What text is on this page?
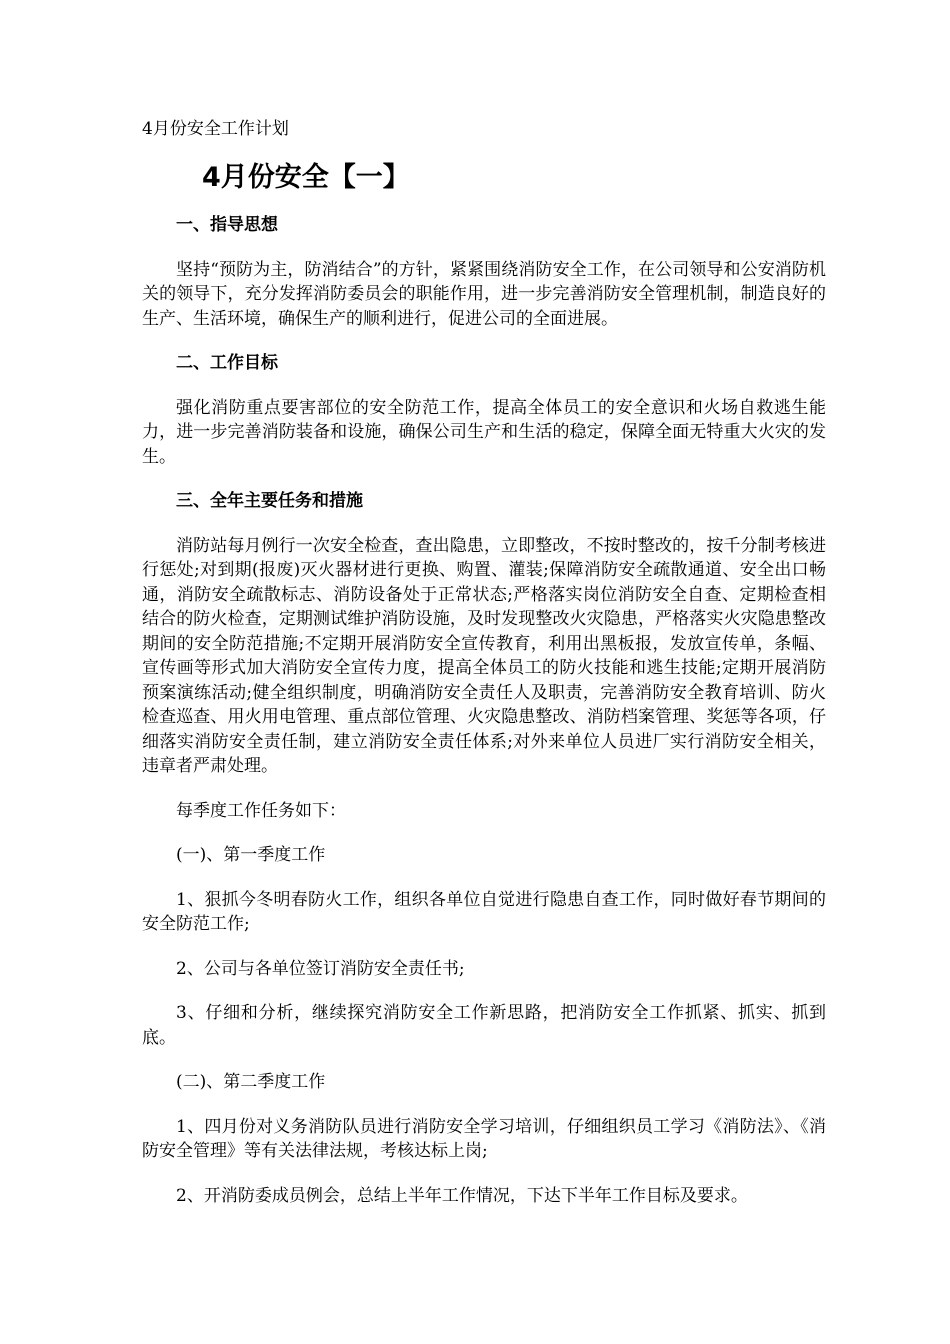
4月份安全工作计划
4月份安全【一】

一、指导思想

坚持“预防为主，防消结合”的方针，紧紧围绕消防安全工作，在公司领导和公安消防机关的领导下，充分发挥消防委员会的职能作用，进一步完善消防安全管理机制，制造良好的生产、生活环境，确保生产的顺利进行，促进公司的全面进展。

二、工作目标

强化消防重点要害部位的安全防范工作，提高全体员工的安全意识和火场自救逃生能力，进一步完善消防装备和设施，确保公司生产和生活的稳定，保障全面无特重大火灾的发生。

三、全年主要任务和措施

消防站每月例行一次安全检查，查出隐患，立即整改，不按时整改的，按千分制考核进行惩处;对到期(报废)灭火器材进行更换、购置、灌装;保障消防安全疏散通道、安全出口畅通，消防安全疏散标志、消防设备处于正常状态;严格落实岗位消防安全自查、定期检查相结合的防火检查，定期测试维护消防设施，及时发现整改火灾隐患，严格落实火灾隐患整改期间的安全防范措施;不定期开展消防安全宣传教育，利用出黑板报，发放宣传单，条幅、宣传画等形式加大消防安全宣传力度，提高全体员工的防火技能和逃生技能;定期开展消防预案演练活动;健全组织制度，明确消防安全责任人及职责，完善消防安全教育培训、防火检查巡查、用火用电管理、重点部位管理、火灾隐患整改、消防档案管理、奖惩等各项，仔细落实消防安全责任制，建立消防安全责任体系;对外来单位人员进厂实行消防安全相关，违章者严肃处理。

每季度工作任务如下：

(一)、第一季度工作

1、狠抓今冬明春防火工作，组织各单位自觉进行隐患自查工作，同时做好春节期间的安全防范工作;

2、公司与各单位签订消防安全责任书;

3、仔细和分析，继续探究消防安全工作新思路，把消防安全工作抓紧、抓实、抓到底。

(二)、第二季度工作

1、四月份对义务消防队员进行消防安全学习培训，仔细组织员工学习《消防法》、《消防安全管理》等有关法律法规，考核达标上岗;

2、开消防委成员例会，总结上半年工作情况，下达下半年工作目标及要求。
